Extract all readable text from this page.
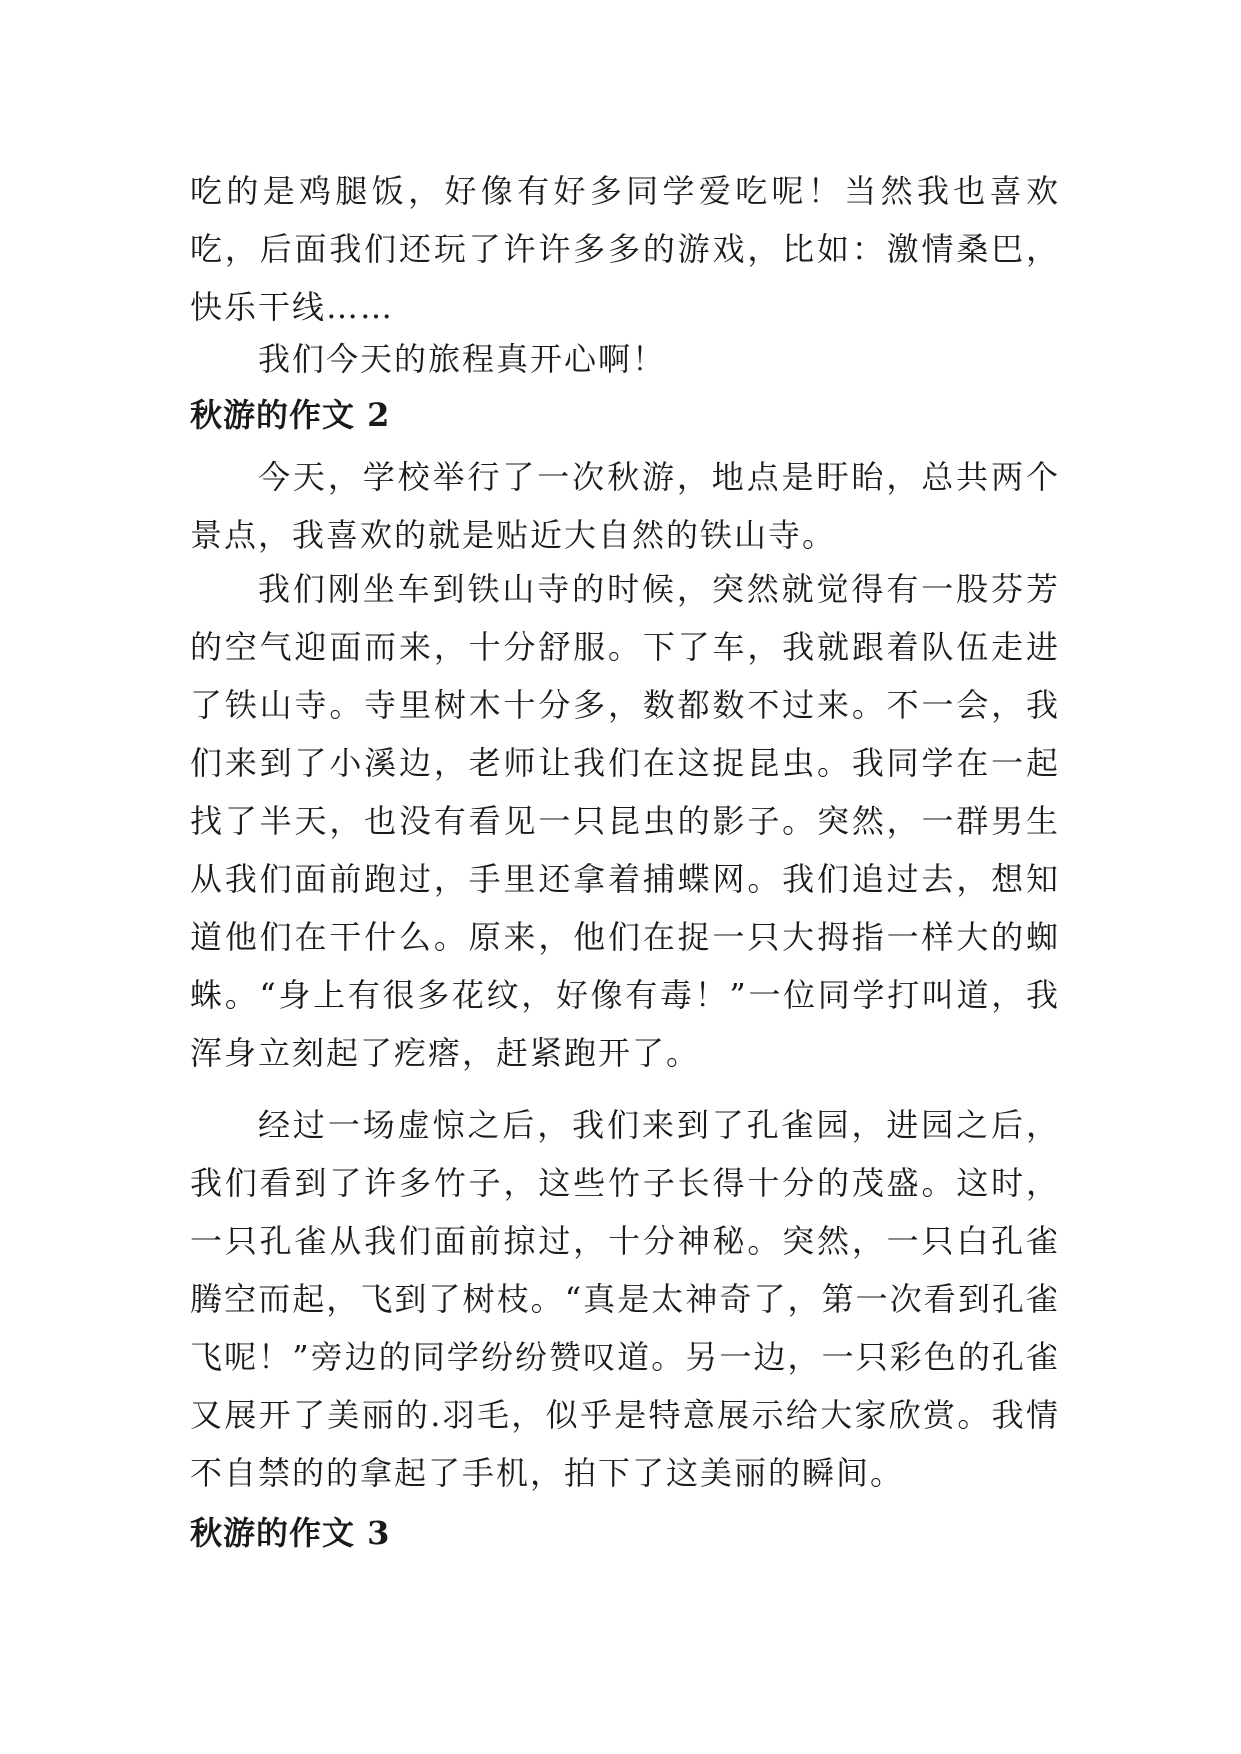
吃的是鸡腿饭，好像有好多同学爱吃呢！当然我也喜欢吃，后面我们还玩了许许多多的游戏，比如：激情桑巴，快乐干线……

我们今天的旅程真开心啊！

秋游的作文 2

今天，学校举行了一次秋游，地点是盱眙，总共两个景点，我喜欢的就是贴近大自然的铁山寺。

我们刚坐车到铁山寺的时候，突然就觉得有一股芬芳的空气迎面而来，十分舒服。下了车，我就跟着队伍走进了铁山寺。寺里树木十分多，数都数不过来。不一会，我们来到了小溪边，老师让我们在这捉昆虫。我同学在一起找了半天，也没有看见一只昆虫的影子。突然，一群男生从我们面前跑过，手里还拿着捕蝶网。我们追过去，想知道他们在干什么。原来，他们在捉一只大拇指一样大的蜘蛛。“身上有很多花纹，好像有毒！”一位同学打叫道，我浑身立刻起了疙瘩，赶紧跑开了。

经过一场虚惊之后，我们来到了孔雀园，进园之后，我们看到了许多竹子，这些竹子长得十分的茂盛。这时，一只孔雀从我们面前掠过，十分神秘。突然，一只白孔雀腾空而起，飞到了树枝。“真是太神奇了，第一次看到孔雀飞呢！”旁边的同学纷纷赞叹道。另一边，一只彩色的孔雀又展开了美丽的.羽毛，似乎是特意展示给大家欣赏。我情不自禁的的拿起了手机，拍下了这美丽的瞬间。

秋游的作文 3
